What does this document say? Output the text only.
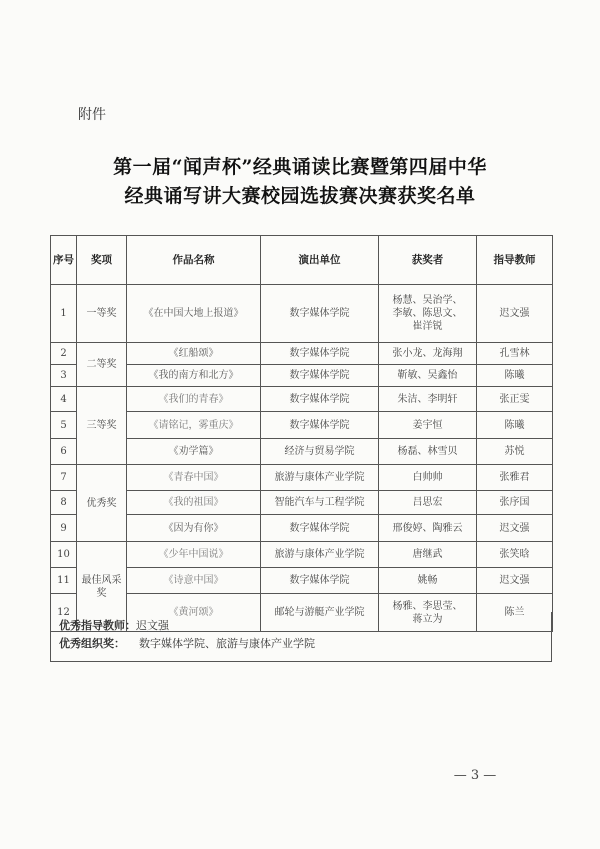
附件
第一届“闻声杯”经典诵读比赛暨第四届中华
经典诵写讲大赛校园选拔赛决赛获奖名单
序号	奖项	作品名称	演出单位	获奖者	指导教师
1	一等奖	《在中国大地上报道》	数字媒体学院	杨慧、吴治学、
李敏、陈思文、
崔洋锐	迟文强
2	二等奖	《红船颂》	数字媒体学院	张小龙、龙海翔	孔雪林
3		《我的南方和北方》	数字媒体学院	靳敏、吴鑫怡	陈曦
4	三等奖	《我们的青春》	数字媒体学院	朱洁、李明轩	张正雯
5		《请铭记，雾重庆》	数字媒体学院	姜宇恒	陈曦
6		《劝学篇》	经济与贸易学院	杨磊、林雪贝	苏悦
7	优秀奖	《青春中国》	旅游与康体产业学院	白帅帅	张雅君
8		《我的祖国》	智能汽车与工程学院	吕思宏	张序国
9		《因为有你》	数字媒体学院	邢俊婷、陶雅云	迟文强
10	最佳风采奖	《少年中国说》	旅游与康体产业学院	唐继武	张笑晗
11		《诗意中国》	数字媒体学院	姚畅	迟文强
12		《黄河颂》	邮轮与游艇产业学院	杨雅、李思莹、
蒋立为	陈兰
优秀指导教师：迟文强
优秀组织奖： 数字媒体学院、旅游与康体产业学院
— 3 —
